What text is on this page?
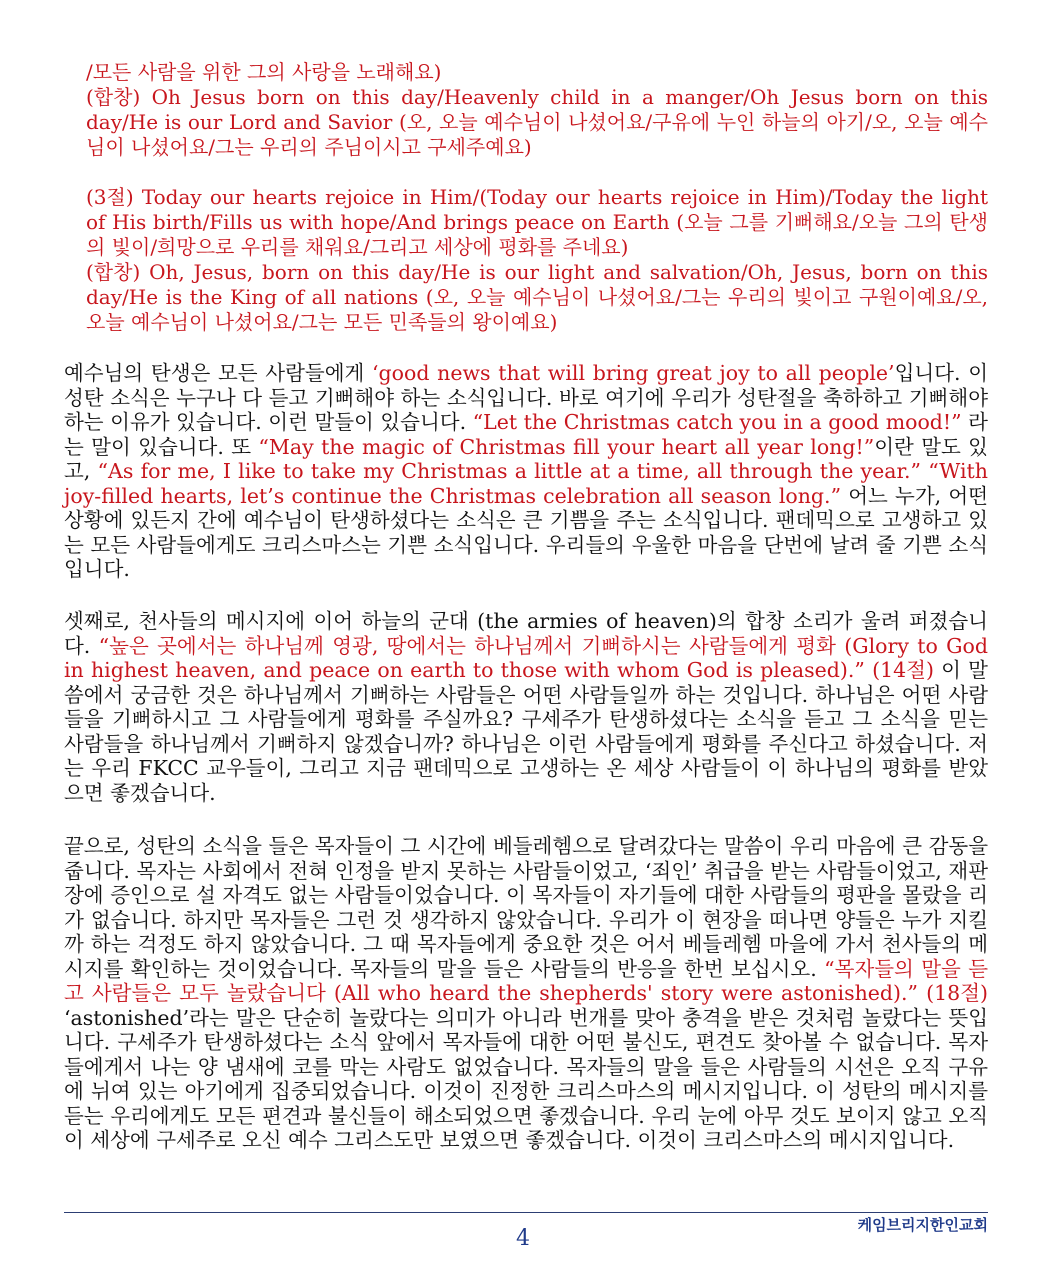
/모든 사람을 위한 그의 사랑을 노래해요)

(합창) Oh Jesus born on this day/Heavenly child in a manger/Oh Jesus born on this day/He is our Lord and Savior (오, 오늘 예수님이 나셨어요/구유에 누인 하늘의 아기/오, 오늘 예수님이 나셨어요/그는 우리의 주님이시고 구세주예요)

(3절) Today our hearts rejoice in Him/(Today our hearts rejoice in Him)/Today the light of His birth/Fills us with hope/And brings peace on Earth (오늘 그를 기뻐해요/오늘 그의 탄생의 빛이/희망으로 우리를 채워요/그리고 세상에 평화를 주네요)

(합창) Oh, Jesus, born on this day/He is our light and salvation/Oh, Jesus, born on this day/He is the King of all nations (오, 오늘 예수님이 나셨어요/그는 우리의 빛이고 구원이예요/오, 오늘 예수님이 나셨어요/그는 모든 민족들의 왕이예요)

예수님의 탄생은 모든 사람들에게 ‘good news that will bring great joy to all people’입니다. 이 성탄 소식은 누구나 다 듣고 기뻐해야 하는 소식입니다. 바로 여기에 우리가 성탄절을 축하하고 기뻐해야 하는 이유가 있습니다. 이런 말들이 있습니다. “Let the Christmas catch you in a good mood!” 라는 말이 있습니다. 또 “May the magic of Christmas fill your heart all year long!”이란 말도 있고, “As for me, I like to take my Christmas a little at a time, all through the year.” “With joy-filled hearts, let’s continue the Christmas celebration all season long.” 어느 누가, 어떤 상황에 있든지 간에 예수님이 탄생하셨다는 소식은 큰 기쁨을 주는 소식입니다. 팬데믹으로 고생하고 있는 모든 사람들에게도 크리스마스는 기쁜 소식입니다. 우리들의 우울한 마음을 단번에 날려 줄 기쁜 소식입니다.

셋째로, 천사들의 메시지에 이어 하늘의 군대 (the armies of heaven)의 합창 소리가 울려 퍼졌습니다. “높은 곳에서는 하나님께 영광, 땅에서는 하나님께서 기뻐하시는 사람들에게 평화 (Glory to God in highest heaven, and peace on earth to those with whom God is pleased).” (14절) 이 말씀에서 궁금한 것은 하나님께서 기뻐하는 사람들은 어떤 사람들일까 하는 것입니다. 하나님은 어떤 사람들을 기뻐하시고 그 사람들에게 평화를 주실까요? 구세주가 탄생하셨다는 소식을 듣고 그 소식을 믿는 사람들을 하나님께서 기뻐하지 않겠습니까? 하나님은 이런 사람들에게 평화를 주신다고 하셨습니다. 저는 우리 FKCC 교우들이, 그리고 지금 팬데믹으로 고생하는 온 세상 사람들이 이 하나님의 평화를 받았으면 좋겠습니다.

끝으로, 성탄의 소식을 들은 목자들이 그 시간에 베들레헴으로 달려갔다는 말씀이 우리 마음에 큰 감동을 줍니다. 목자는 사회에서 전혀 인정을 받지 못하는 사람들이었고, ‘죄인’ 취급을 받는 사람들이었고, 재판장에 증인으로 설 자격도 없는 사람들이었습니다. 이 목자들이 자기들에 대한 사람들의 평판을 몰랐을 리가 없습니다. 하지만 목자들은 그런 것 생각하지 않았습니다. 우리가 이 현장을 떠나면 양들은 누가 지킬까 하는 걱정도 하지 않았습니다. 그 때 목자들에게 중요한 것은 어서 베들레헴 마을에 가서 천사들의 메시지를 확인하는 것이었습니다. 목자들의 말을 들은 사람들의 반응을 한번 보십시오. “목자들의 말을 듣고 사람들은 모두 놀랐습니다 (All who heard the shepherds' story were astonished).” (18절) ‘astonished’라는 말은 단순히 놀랐다는 의미가 아니라 번개를 맞아 충격을 받은 것처럼 놀랐다는 뜻입니다. 구세주가 탄생하셨다는 소식 앞에서 목자들에 대한 어떤 불신도, 편견도 찾아볼 수 없습니다. 목자들에게서 나는 양 냄새에 코를 막는 사람도 없었습니다. 목자들의 말을 들은 사람들의 시선은 오직 구유에 뉘여 있는 아기에게 집중되었습니다. 이것이 진정한 크리스마스의 메시지입니다. 이 성탄의 메시지를 듣는 우리에게도 모든 편견과 불신들이 해소되었으면 좋겠습니다. 우리 눈에 아무 것도 보이지 않고 오직 이 세상에 구세주로 오신 예수 그리스도만 보였으면 좋겠습니다. 이것이 크리스마스의 메시지입니다.

4
케임브리지한인교회
